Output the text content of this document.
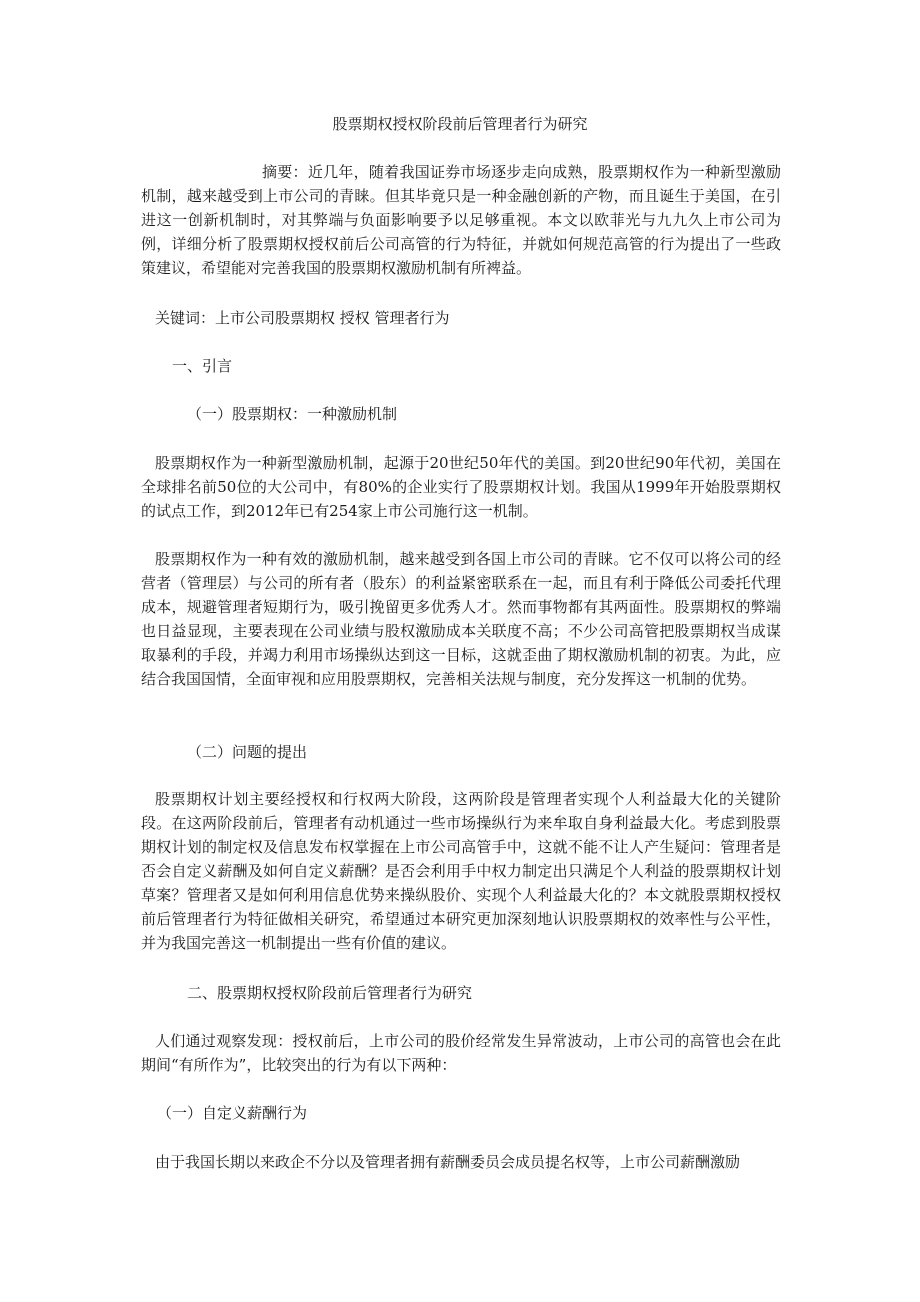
股票期权授权阶段前后管理者行为研究
摘要：近几年，随着我国证券市场逐步走向成熟，股票期权作为一种新型激励机制，越来越受到上市公司的青睐。但其毕竟只是一种金融创新的产物，而且诞生于美国，在引进这一创新机制时，对其弊端与负面影响要予以足够重视。本文以欧菲光与九九久上市公司为例，详细分析了股票期权授权前后公司高管的行为特征，并就如何规范高管的行为提出了一些政策建议，希望能对完善我国的股票期权激励机制有所裨益。
关键词：上市公司股票期权 授权 管理者行为
一、引言
（一）股票期权：一种激励机制
股票期权作为一种新型激励机制，起源于20世纪50年代的美国。到20世纪90年代初，美国在全球排名前50位的大公司中，有80%的企业实行了股票期权计划。我国从1999年开始股票期权的试点工作，到2012年已有254家上市公司施行这一机制。
股票期权作为一种有效的激励机制，越来越受到各国上市公司的青睐。它不仅可以将公司的经营者（管理层）与公司的所有者（股东）的利益紧密联系在一起，而且有利于降低公司委托代理成本，规避管理者短期行为，吸引挽留更多优秀人才。然而事物都有其两面性。股票期权的弊端也日益显现，主要表现在公司业绩与股权激励成本关联度不高；不少公司高管把股票期权当成谋取暴利的手段，并竭力利用市场操纵达到这一目标，这就歪曲了期权激励机制的初衷。为此，应结合我国国情，全面审视和应用股票期权，完善相关法规与制度，充分发挥这一机制的优势。
（二）问题的提出
股票期权计划主要经授权和行权两大阶段，这两阶段是管理者实现个人利益最大化的关键阶段。在这两阶段前后，管理者有动机通过一些市场操纵行为来牟取自身利益最大化。考虑到股票期权计划的制定权及信息发布权掌握在上市公司高管手中，这就不能不让人产生疑问：管理者是否会自定义薪酬及如何自定义薪酬？是否会利用手中权力制定出只满足个人利益的股票期权计划草案？管理者又是如何利用信息优势来操纵股价、实现个人利益最大化的？本文就股票期权授权前后管理者行为特征做相关研究，希望通过本研究更加深刻地认识股票期权的效率性与公平性，并为我国完善这一机制提出一些有价值的建议。
二、股票期权授权阶段前后管理者行为研究
人们通过观察发现：授权前后，上市公司的股价经常发生异常波动，上市公司的高管也会在此期间“有所作为”，比较突出的行为有以下两种：
（一）自定义薪酬行为
由于我国长期以来政企不分以及管理者拥有薪酬委员会成员提名权等，上市公司薪酬激励
